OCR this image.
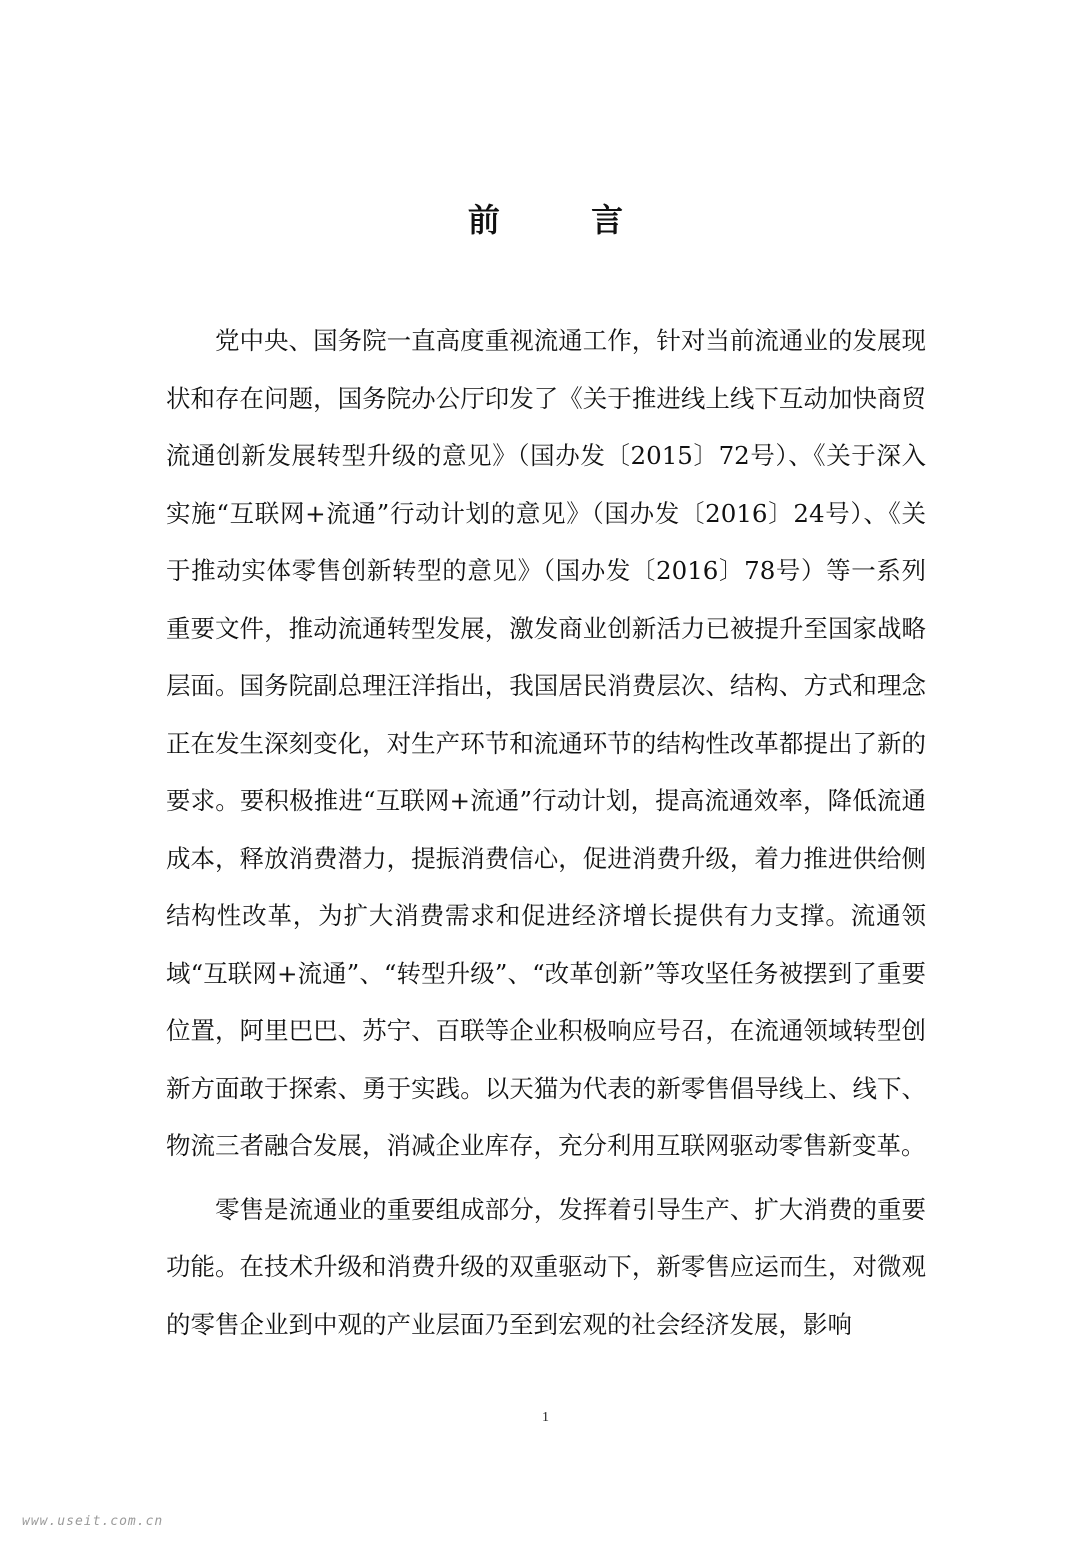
前 言

党中央、国务院一直高度重视流通工作，针对当前流通业的发展现状和存在问题，国务院办公厅印发了《关于推进线上线下互动加快商贸流通创新发展转型升级的意见》（国办发〔2015〕72号）、《关于深入实施“互联网+流通”行动计划的意见》（国办发〔2016〕24号）、《关于推动实体零售创新转型的意见》（国办发〔2016〕78号）等一系列重要文件，推动流通转型发展，激发商业创新活力已被提升至国家战略层面。国务院副总理汪洋指出，我国居民消费层次、结构、方式和理念正在发生深刻变化，对生产环节和流通环节的结构性改革都提出了新的要求。要积极推进“互联网+流通”行动计划，提高流通效率，降低流通成本，释放消费潜力，提振消费信心，促进消费升级，着力推进供给侧结构性改革，为扩大消费需求和促进经济增长提供有力支撑。流通领域“互联网+流通”、“转型升级”、“改革创新”等攻坚任务被摆到了重要位置，阿里巴巴、苏宁、百联等企业积极响应号召，在流通领域转型创新方面敢于探索、勇于实践。以天猫为代表的新零售倡导线上、线下、物流三者融合发展，消减企业库存，充分利用互联网驱动零售新变革。

零售是流通业的重要组成部分，发挥着引导生产、扩大消费的重要功能。在技术升级和消费升级的双重驱动下，新零售应运而生，对微观的零售企业到中观的产业层面乃至到宏观的社会经济发展，影响

1
www.useit.com.cn
